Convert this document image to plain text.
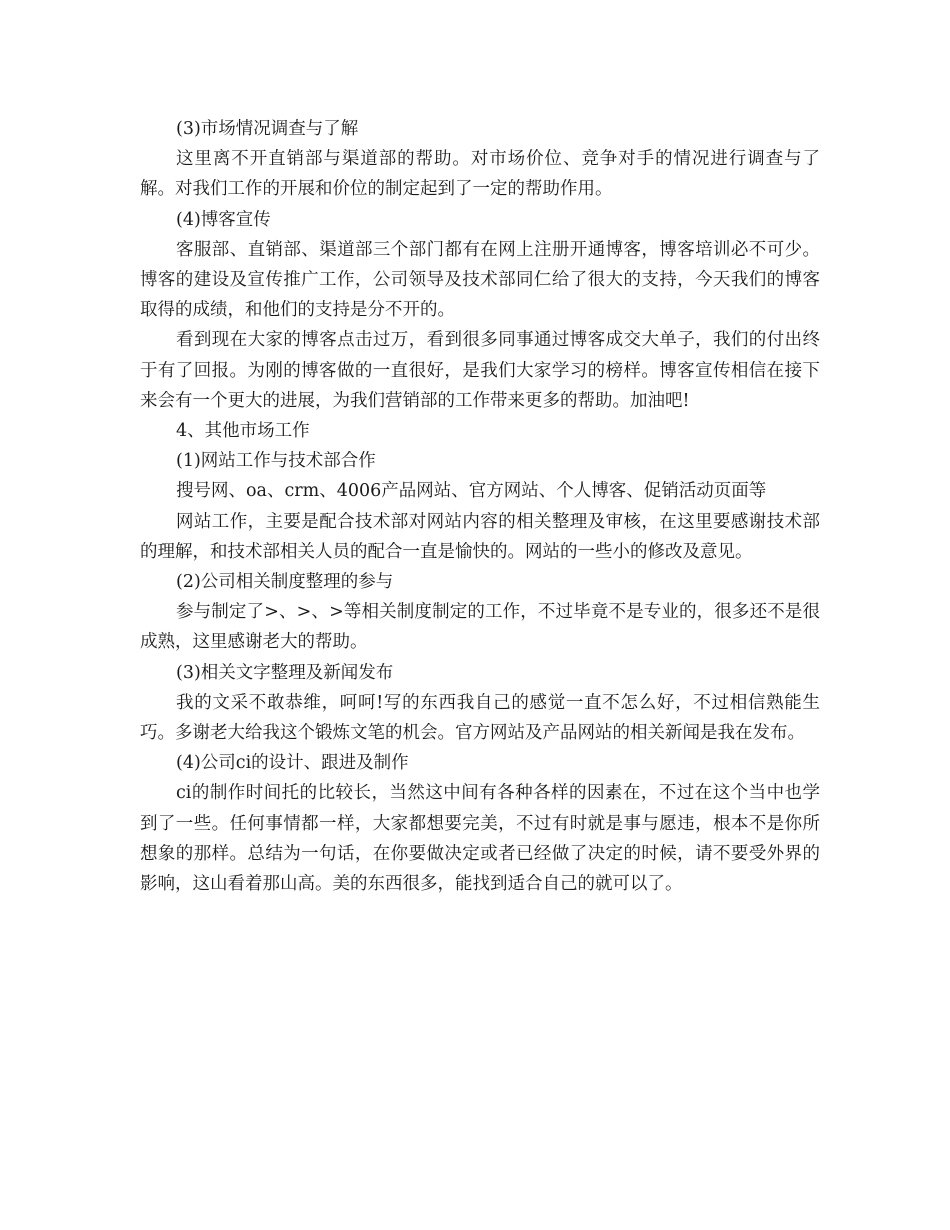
(3)市场情况调查与了解

这里离不开直销部与渠道部的帮助。对市场价位、竞争对手的情况进行调查与了解。对我们工作的开展和价位的制定起到了一定的帮助作用。

(4)博客宣传

客服部、直销部、渠道部三个部门都有在网上注册开通博客，博客培训必不可少。博客的建设及宣传推广工作，公司领导及技术部同仁给了很大的支持，今天我们的博客取得的成绩，和他们的支持是分不开的。

看到现在大家的博客点击过万，看到很多同事通过博客成交大单子，我们的付出终于有了回报。为刚的博客做的一直很好，是我们大家学习的榜样。博客宣传相信在接下来会有一个更大的进展，为我们营销部的工作带来更多的帮助。加油吧!

4、其他市场工作

(1)网站工作与技术部合作

搜号网、oa、crm、4006产品网站、官方网站、个人博客、促销活动页面等

网站工作，主要是配合技术部对网站内容的相关整理及审核，在这里要感谢技术部的理解，和技术部相关人员的配合一直是愉快的。网站的一些小的修改及意见。

(2)公司相关制度整理的参与

参与制定了>、>、>等相关制度制定的工作，不过毕竟不是专业的，很多还不是很成熟，这里感谢老大的帮助。

(3)相关文字整理及新闻发布

我的文采不敢恭维，呵呵!写的东西我自己的感觉一直不怎么好，不过相信熟能生巧。多谢老大给我这个锻炼文笔的机会。官方网站及产品网站的相关新闻是我在发布。

(4)公司ci的设计、跟进及制作

ci的制作时间托的比较长，当然这中间有各种各样的因素在，不过在这个当中也学到了一些。任何事情都一样，大家都想要完美，不过有时就是事与愿违，根本不是你所想象的那样。总结为一句话，在你要做决定或者已经做了决定的时候，请不要受外界的影响，这山看着那山高。美的东西很多，能找到适合自己的就可以了。
